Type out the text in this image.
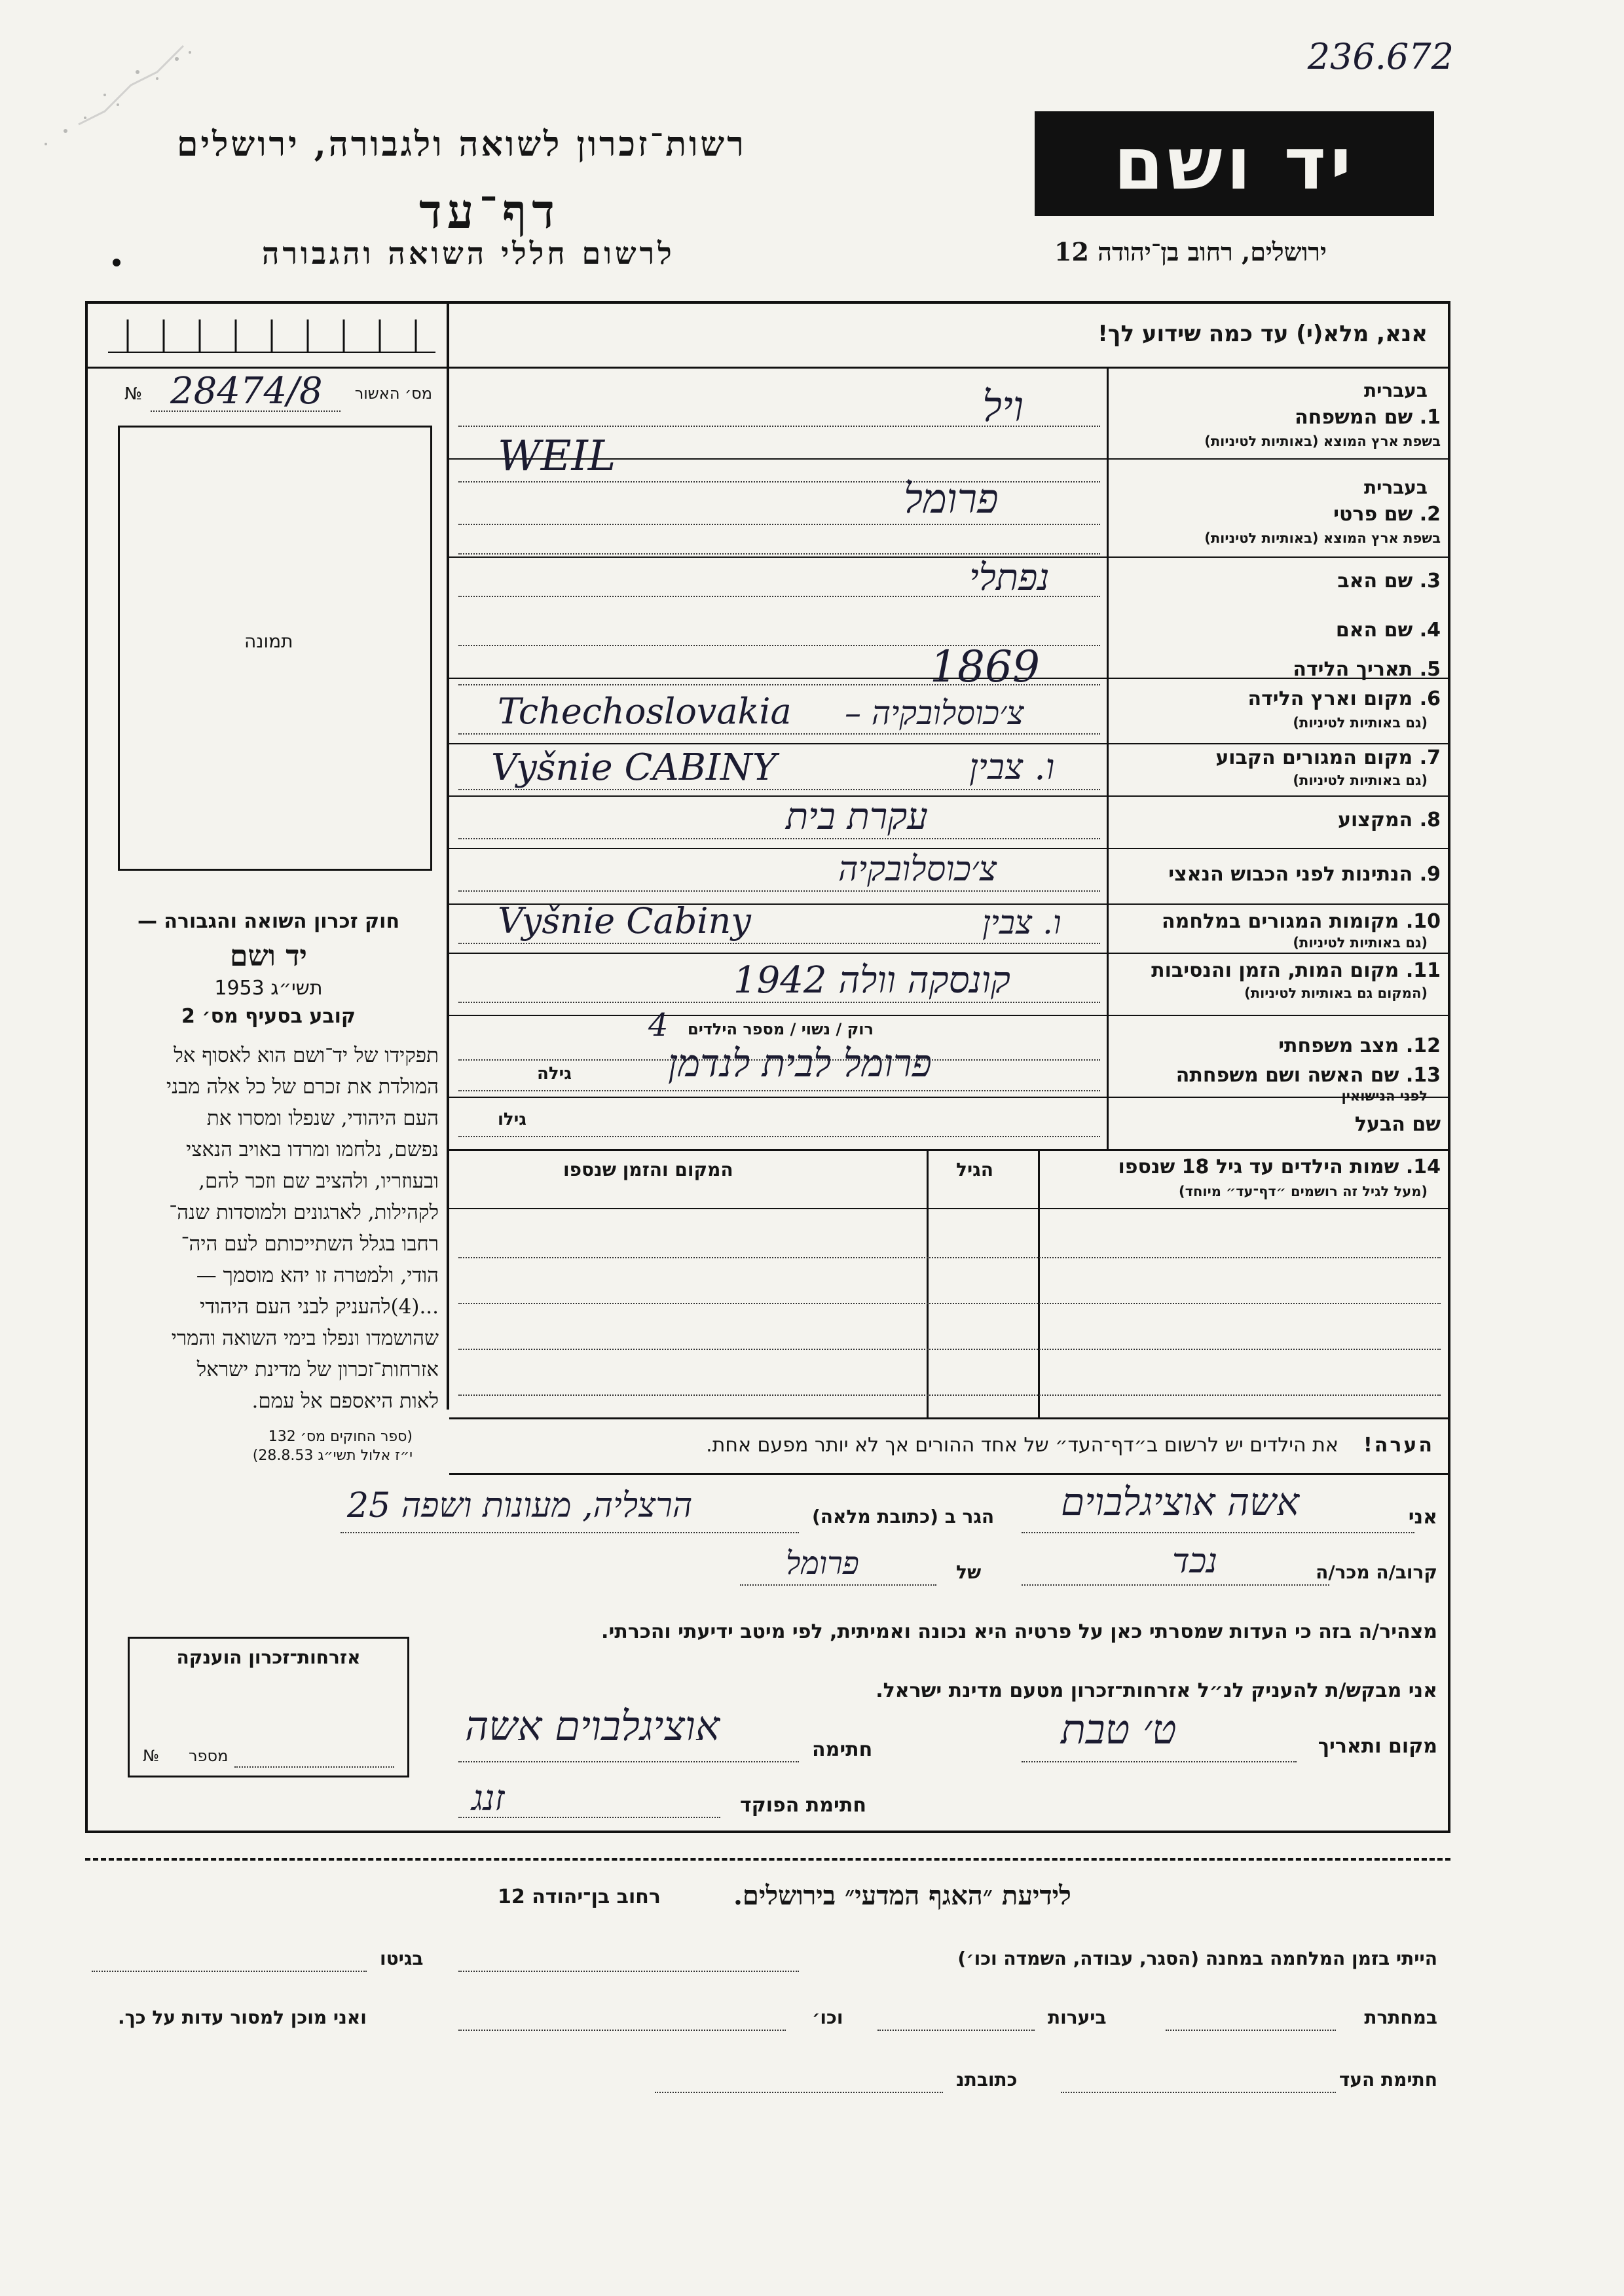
236.672
רשות־זכרון לשואה ולגבורה, ירושלים
דף־עד
לרשום חללי השואה והגבורה
יד ושם
ירושלים, רחוב בן־יהודה 12
אנא, מלא(י) עד כמה שידוע לך!
מס׳ האשור
№ 28474/8
תמונה
חוק זכרון השואה והגבורה —
יד ושם
תשי״ג 1953
קובע בסעיף מס׳ 2
תפקידו של יד־ושם הוא לאסוף אל
המולדת את זכרם של כל אלה מבני
העם היהודי, שנפלו ומסרו את
נפשם, נלחמו ומרדו באויב הנאצי
ובעוזריו, ולהציב שם וזכר להם,
לקהילות, לארגונים ולמוסדות שנה־
רחבו בגלל השתייכותם לעם היה־
הודי, ולמטרה זו יהא מוסמך —
...(4)להעניק לבני העם היהודי
שהושמדו ונפלו בימי השואה והמרי
אזרחות־זכרון של מדינת ישראל
לאות היאספם אל עמם.
(ספר החוקים מס׳ 132
י״ז אלול תשי״ג 28.8.53)
בעברית
1. שם המשפחה
בשפת ארץ המוצא (באותיות לטיניות)
ויל
WEIL
בעברית
2. שם פרטי
בשפת ארץ המוצא (באותיות לטיניות)
פרומל
3. שם האב
נפתלי
4. שם האם
5. תאריך הלידה
1869
6. מקום וארץ הלידה
(גם באותיות לטיניות)
Tchechoslovakia צ׳כוסלובקיה –
7. מקום המגורים הקבוע
(גם באותיות לטיניות)
Vyšnie CABINY	ו. צבין
8. המקצוע
עקרת בית
9. הנתינות לפני הכבוש הנאצי
צ׳כוסלובקיה
10. מקומות המגורים במלחמה
(גם באותיות לטיניות)
Vyšnie Cabiny	ו. צבין
11. מקום המות, הזמן והנסיבות
(המקום גם באותיות לטיניות)
קונסקה וולה 1942
12. מצב משפחתי
רוק / נשוי / מספר הילדים
4
13. שם האשה ושם משפחתה
לפני הנישואין
גילה	פרומל לבית לנדמן
שם הבעל
גילו
14. שמות הילדים עד גיל 18 שנספו
(מעל לגיל זה רושמים ״דף־עד״ מיוחד)
הגיל
המקום והזמן שנספו
הערה!    את הילדים יש לרשום ב״דף־העד״ של אחד ההורים אך לא יותר מפעם אחת.
אני
אשה אוציגלבוים
הגר ב (כתובת מלאה)
הרצליה, מעונות ושפה 25
קרוב/ה מכר/ה
נכד
של
פרומל
מצהיר/ה בזה כי העדות שמסרתי כאן על פרטיה היא נכונה ואמיתית, לפי מיטב ידיעתי והכרתי.
אזרחות־זכרון הוענקה
מספר
№
אני מבקש/ת להעניק לנ״ל אזרחות־זכרון מטעם מדינת ישראל.
מקום ותאריך
ט׳ טבת
חתימה
אוציגלבוים אשה
חתימת הפוקד
זנג
רחוב בן־יהודה 12	לידיעת ״האגף המדעי״ בירושלים.
הייתי בזמן המלחמה במחנה (הסגר, עבודה, השמדה וכו׳)
בגיטו
במחתרת
ביערות
וכו׳
ואני מוכן למסור עדות על כך.
חתימת העד
כתובתנ
